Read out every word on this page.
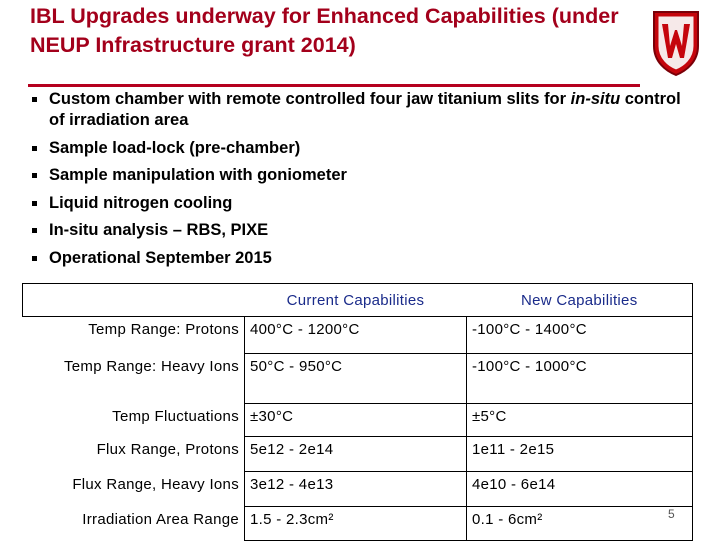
IBL Upgrades underway for Enhanced Capabilities (under NEUP Infrastructure grant 2014)
Custom chamber with remote controlled four jaw titanium slits for in-situ control of irradiation area
Sample load-lock (pre-chamber)
Sample manipulation with goniometer
Liquid nitrogen cooling
In-situ analysis – RBS, PIXE
Operational September 2015
	Current Capabilities	New Capabilities
Temp Range: Protons	400°C - 1200°C	-100°C - 1400°C
Temp Range: Heavy Ions	50°C - 950°C	-100°C - 1000°C
Temp Fluctuations	±30°C	±5°C
Flux Range, Protons	5e12 - 2e14	1e11 - 2e15
Flux Range, Heavy Ions	3e12 - 4e13	4e10 - 6e14
Irradiation Area Range	1.5 - 2.3cm²	0.1 - 6cm²	5
